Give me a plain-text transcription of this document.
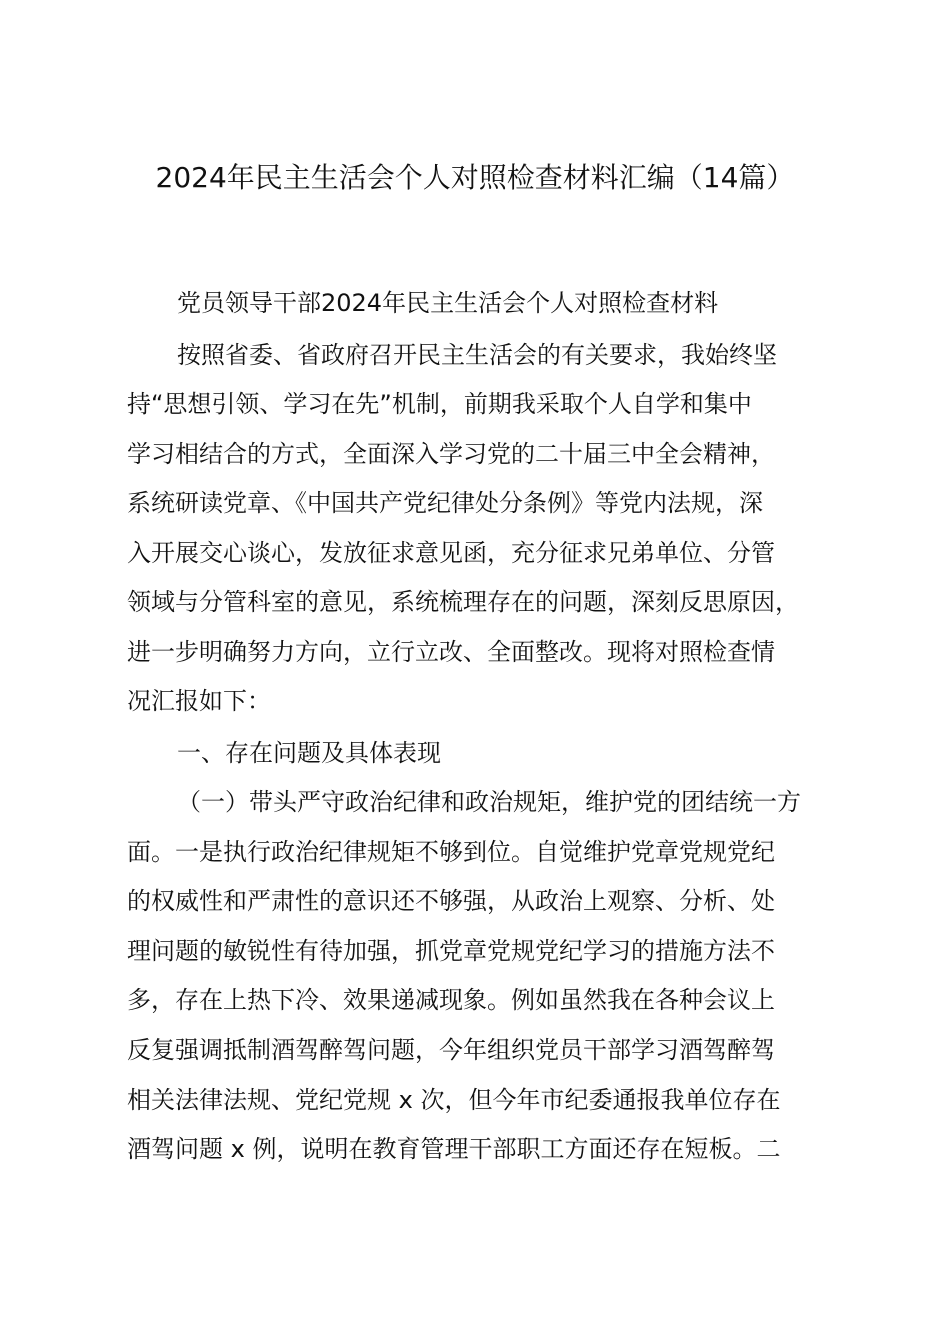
2024年民主生活会个人对照检查材料汇编（14篇）
党员领导干部2024年民主生活会个人对照检查材料
按照省委、省政府召开民主生活会的有关要求，我始终坚
持“思想引领、学习在先”机制，前期我采取个人自学和集中
学习相结合的方式，全面深入学习党的二十届三中全会精神，
系统研读党章、《中国共产党纪律处分条例》等党内法规，深
入开展交心谈心，发放征求意见函，充分征求兄弟单位、分管
领域与分管科室的意见，系统梳理存在的问题，深刻反思原因，
进一步明确努力方向，立行立改、全面整改。现将对照检查情
况汇报如下：
一、存在问题及具体表现
（一）带头严守政治纪律和政治规矩，维护党的团结统一方
面。一是执行政治纪律规矩不够到位。自觉维护党章党规党纪
的权威性和严肃性的意识还不够强，从政治上观察、分析、处
理问题的敏锐性有待加强，抓党章党规党纪学习的措施方法不
多，存在上热下冷、效果递减现象。例如虽然我在各种会议上
反复强调抵制酒驾醉驾问题，今年组织党员干部学习酒驾醉驾
相关法律法规、党纪党规 x 次，但今年市纪委通报我单位存在
酒驾问题 x 例，说明在教育管理干部职工方面还存在短板。二
